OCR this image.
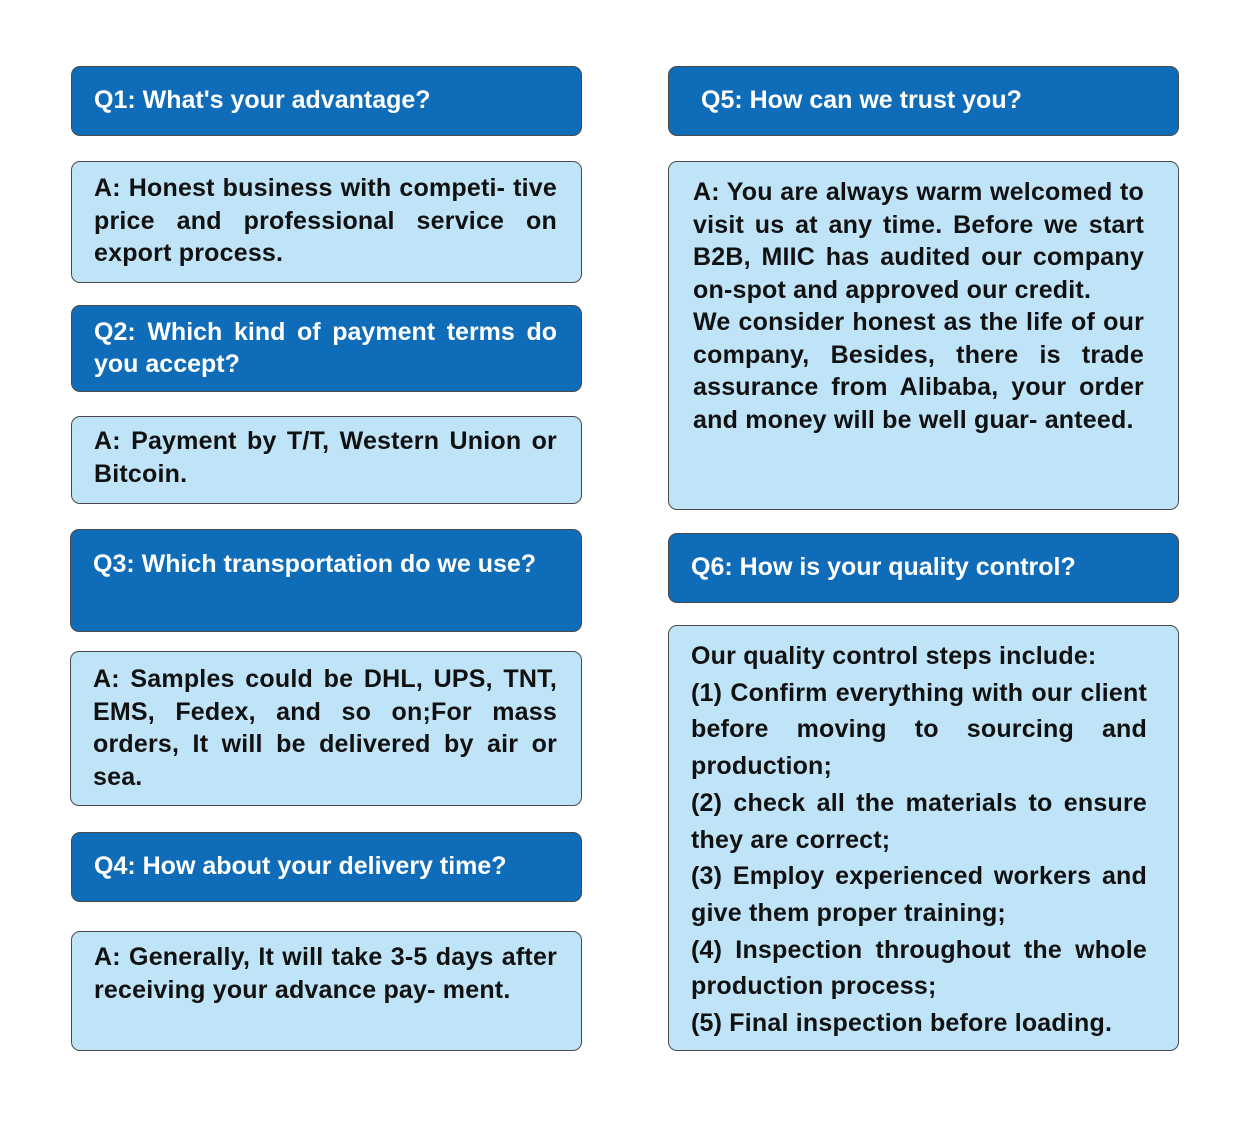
Q1: What's your advantage?
A: Honest business with competi- tive price and professional service on export process.
Q2: Which kind of payment terms do you accept?
A: Payment by T/T, Western Union or Bitcoin.
Q3: Which transportation do we use?
A: Samples could be DHL, UPS, TNT, EMS, Fedex, and so on;For mass orders, It will be delivered by air or sea.
Q4: How about your delivery time?
A: Generally, It will take 3-5 days after receiving your advance pay- ment.
Q5: How can we trust you?
A: You are always warm welcomed to visit us at any time. Before we start B2B, MIIC has audited our company on-spot and approved our credit.
We consider honest as the life of our company, Besides, there is trade assurance from Alibaba, your order and money will be well guar- anteed.
Q6: How is your quality control?
Our quality control steps include:
(1) Confirm everything with our client before moving to sourcing and production;
(2) check all the materials to ensure they are correct;
(3) Employ experienced workers and give them proper training;
(4) Inspection throughout the whole production process;
(5) Final inspection before loading.
